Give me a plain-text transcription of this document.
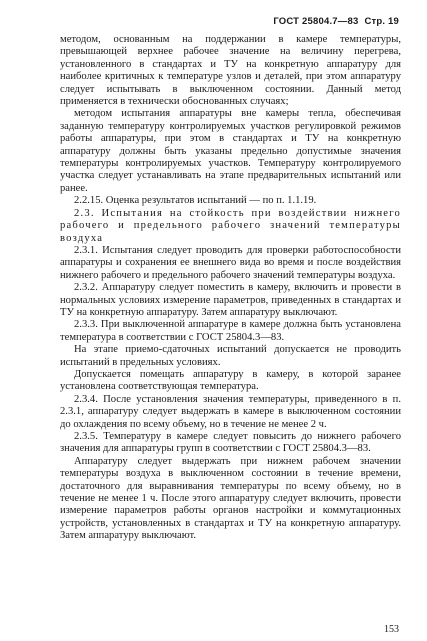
ГОСТ 25804.7—83 Стр. 19

методом, основанным на поддержании в камере температуры, превышающей верхнее рабочее значение на величину перегрева, установленного в стандартах и ТУ на конкретную аппаратуру для наиболее критичных к температуре узлов и деталей, при этом аппаратуру следует испытывать в выключенном состоянии. Данный метод применяется в технически обоснованных случаях;

методом испытания аппаратуры вне камеры тепла, обеспечивая заданную температуру контролируемых участков регулировкой режимов работы аппаратуры, при этом в стандартах и ТУ на конкретную аппаратуру должны быть указаны предельно допустимые значения температуры контролируемых участков. Температуру контролируемого участка следует устанавливать на этапе предварительных испытаний или ранее.

2.2.15. Оценка результатов испытаний — по п. 1.1.19.

2.3. Испытания на стойкость при воздействии нижнего рабочего и предельного рабочего значений температуры воздуха

2.3.1. Испытания следует проводить для проверки работоспособности аппаратуры и сохранения ее внешнего вида во время и после воздействия нижнего рабочего и предельного рабочего значений температуры воздуха.

2.3.2. Аппаратуру следует поместить в камеру, включить и провести в нормальных условиях измерение параметров, приведенных в стандартах и ТУ на конкретную аппаратуру. Затем аппаратуру выключают.

2.3.3. При выключенной аппаратуре в камере должна быть установлена температура в соответствии с ГОСТ 25804.3—83.

На этапе приемо-сдаточных испытаний допускается не проводить испытаний в предельных условиях.

Допускается помещать аппаратуру в камеру, в которой заранее установлена соответствующая температура.

2.3.4. После установления значения температуры, приведенного в п. 2.3.1, аппаратуру следует выдержать в камере в выключенном состоянии до охлаждения по всему объему, но в течение не менее 2 ч.

2.3.5. Температуру в камере следует повысить до нижнего рабочего значения для аппаратуры групп в соответствии с ГОСТ 25804.3—83.

Аппаратуру следует выдержать при нижнем рабочем значении температуры воздуха в выключенном состоянии в течение времени, достаточного для выравнивания температуры по всему объему, но в течение не менее 1 ч. После этого аппаратуру следует включить, провести измерение параметров работы органов настройки и коммутационных устройств, установленных в стандартах и ТУ на конкретную аппаратуру. Затем аппаратуру выключают.

153
